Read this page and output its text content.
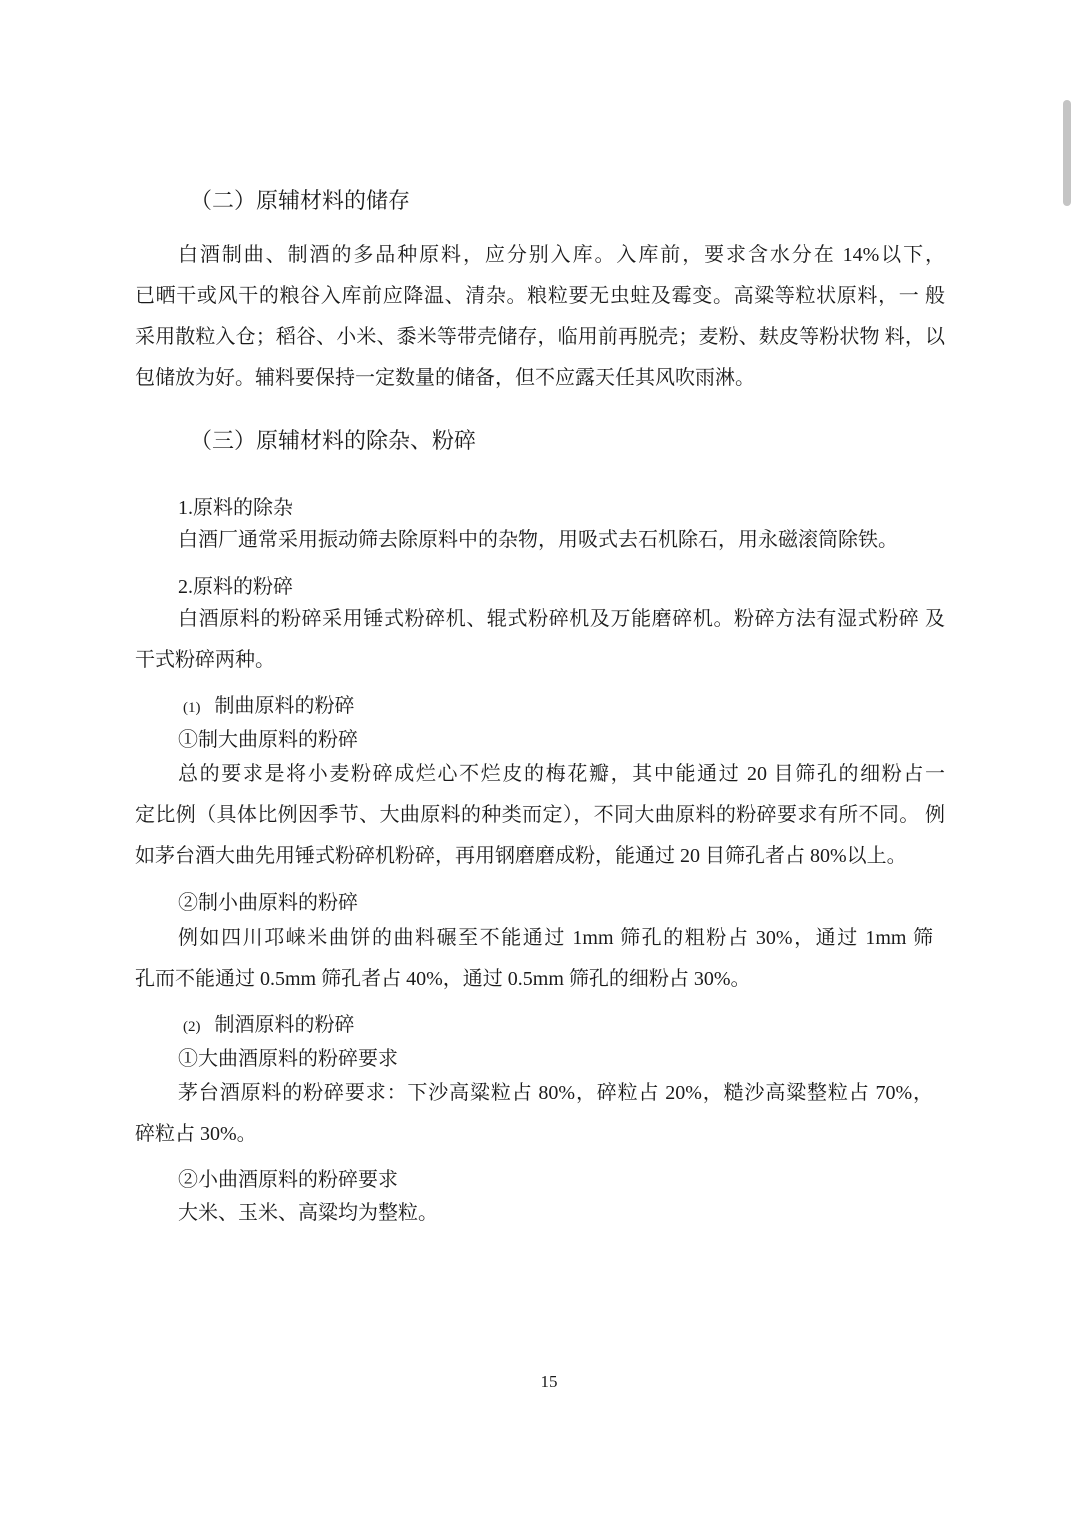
（二）原辅材料的储存
白酒制曲、制酒的多品种原料，应分别入库。入库前，要求含水分在 14%以下，
已晒干或风干的粮谷入库前应降温、清杂。粮粒要无虫蛀及霉变。高粱等粒状原料，一 般
采用散粒入仓；稻谷、小米、黍米等带壳储存，临用前再脱壳；麦粉、麸皮等粉状物 料，以
包储放为好。辅料要保持一定数量的储备，但不应露天任其风吹雨淋。
（三）原辅材料的除杂、粉碎
1.原料的除杂
白酒厂通常采用振动筛去除原料中的杂物，用吸式去石机除石，用永磁滚筒除铁。
2.原料的粉碎
白酒原料的粉碎采用锤式粉碎机、辊式粉碎机及万能磨碎机。粉碎方法有湿式粉碎 及
干式粉碎两种。
(1) 制曲原料的粉碎
①制大曲原料的粉碎
总的要求是将小麦粉碎成烂心不烂皮的梅花瓣，其中能通过 20 目筛孔的细粉占一
定比例（具体比例因季节、大曲原料的种类而定），不同大曲原料的粉碎要求有所不同。 例
如茅台酒大曲先用锤式粉碎机粉碎，再用钢磨磨成粉，能通过 20 目筛孔者占 80%以上。
②制小曲原料的粉碎
例如四川邛崃米曲饼的曲料碾至不能通过 1mm 筛孔的粗粉占 30%，通过 1mm 筛
孔而不能通过 0.5mm 筛孔者占 40%，通过 0.5mm 筛孔的细粉占 30%。
(2) 制酒原料的粉碎
①大曲酒原料的粉碎要求
茅台酒原料的粉碎要求：下沙高粱粒占 80%，碎粒占 20%，糙沙高粱整粒占 70%，
碎粒占 30%。
②小曲酒原料的粉碎要求
大米、玉米、高粱均为整粒。
15
